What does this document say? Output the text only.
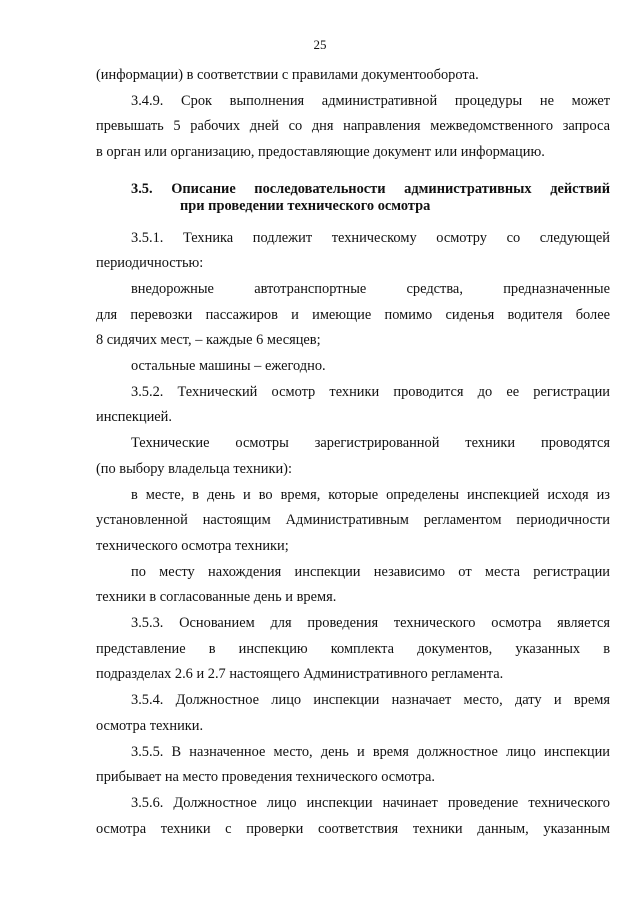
25
(информации) в соответствии с правилами документооборота.
3.4.9. Срок выполнения административной процедуры не может
превышать 5 рабочих дней со дня направления межведомственного запроса
в орган или организацию, предоставляющие документ или информацию.
3.5. Описание последовательности административных действий
при проведении технического осмотра
3.5.1. Техника подлежит техническому осмотру со следующей
периодичностью:
внедорожные автотранспортные средства, предназначенные
для перевозки пассажиров и имеющие помимо сиденья водителя более
8 сидячих мест, – каждые 6 месяцев;
остальные машины – ежегодно.
3.5.2. Технический осмотр техники проводится до ее регистрации
инспекцией.
Технические осмотры зарегистрированной техники проводятся
(по выбору владельца техники):
в месте, в день и во время, которые определены инспекцией исходя из
установленной настоящим Административным регламентом периодичности
технического осмотра техники;
по месту нахождения инспекции независимо от места регистрации
техники в согласованные день и время.
3.5.3. Основанием для проведения технического осмотра является
представление в инспекцию комплекта документов, указанных в
подразделах 2.6 и 2.7 настоящего Административного регламента.
3.5.4. Должностное лицо инспекции назначает место, дату и время
осмотра техники.
3.5.5. В назначенное место, день и время должностное лицо инспекции
прибывает на место проведения технического осмотра.
3.5.6. Должностное лицо инспекции начинает проведение технического
осмотра техники с проверки соответствия техники данным, указанным
